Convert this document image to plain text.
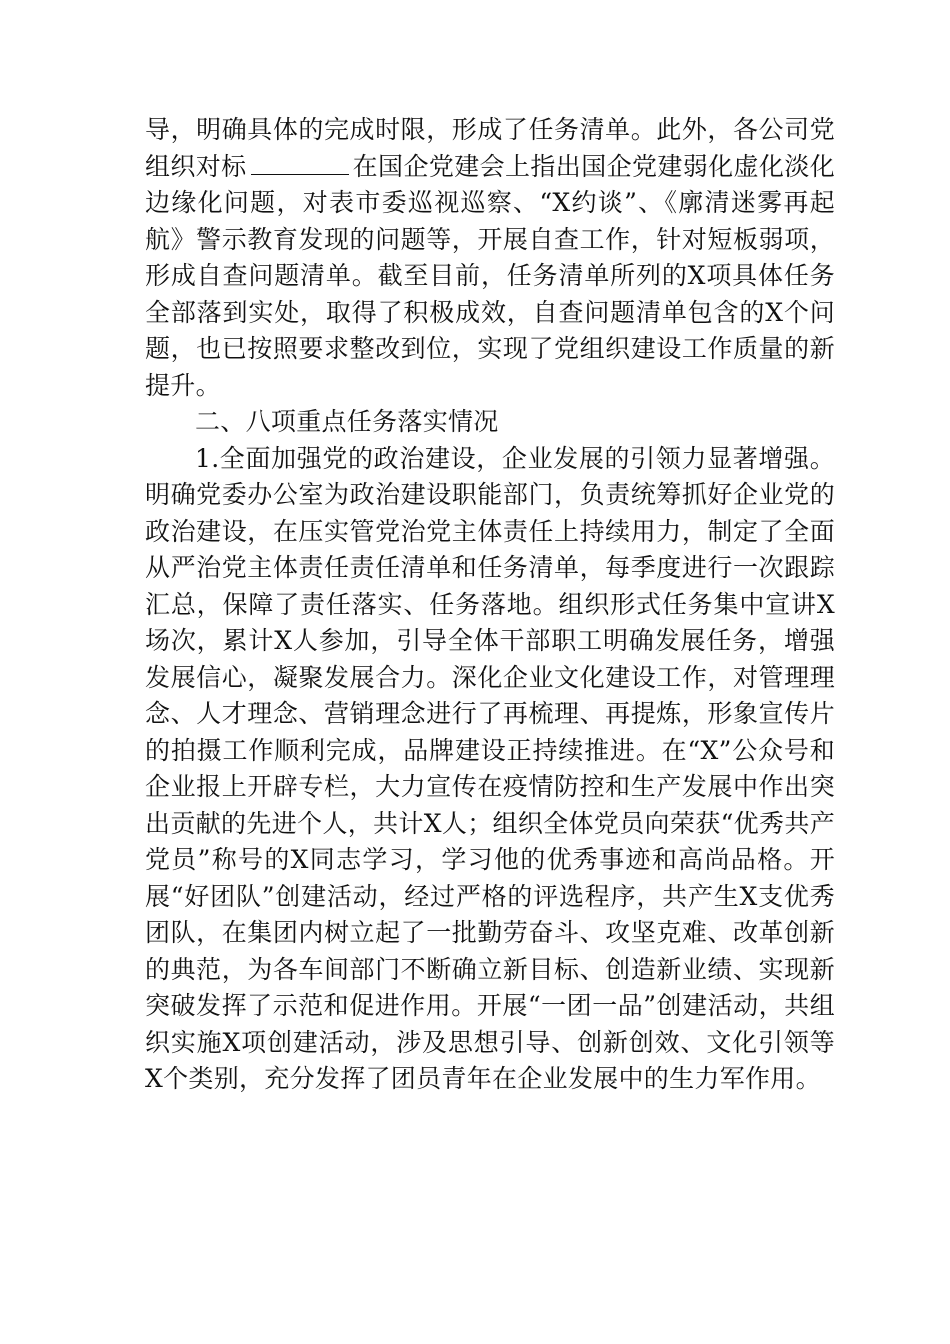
导，明确具体的完成时限，形成了任务清单。此外，各公司党组织对标	在国企党建会上指出国企党建弱化虚化淡化边缘化问题，对表市委巡视巡察、“X约谈”、《廓清迷雾再起航》警示教育发现的问题等，开展自查工作，针对短板弱项，形成自查问题清单。截至目前，任务清单所列的X项具体任务全部落到实处，取得了积极成效，自查问题清单包含的X个问题，也已按照要求整改到位，实现了党组织建设工作质量的新提升。

二、八项重点任务落实情况

1.全面加强党的政治建设，企业发展的引领力显著增强。明确党委办公室为政治建设职能部门，负责统筹抓好企业党的政治建设，在压实管党治党主体责任上持续用力，制定了全面从严治党主体责任责任清单和任务清单，每季度进行一次跟踪汇总，保障了责任落实、任务落地。组织形式任务集中宣讲X场次，累计X人参加，引导全体干部职工明确发展任务，增强发展信心，凝聚发展合力。深化企业文化建设工作，对管理理念、人才理念、营销理念进行了再梳理、再提炼，形象宣传片的拍摄工作顺利完成，品牌建设正持续推进。在“X”公众号和企业报上开辟专栏，大力宣传在疫情防控和生产发展中作出突出贡献的先进个人，共计X人；组织全体党员向荣获“优秀共产党员”称号的X同志学习，学习他的优秀事迹和高尚品格。开展“好团队”创建活动，经过严格的评选程序，共产生X支优秀团队，在集团内树立起了一批勤劳奋斗、攻坚克难、改革创新的典范，为各车间部门不断确立新目标、创造新业绩、实现新突破发挥了示范和促进作用。开展“一团一品”创建活动，共组织实施X项创建活动，涉及思想引导、创新创效、文化引领等X个类别，充分发挥了团员青年在企业发展中的生力军作用。
